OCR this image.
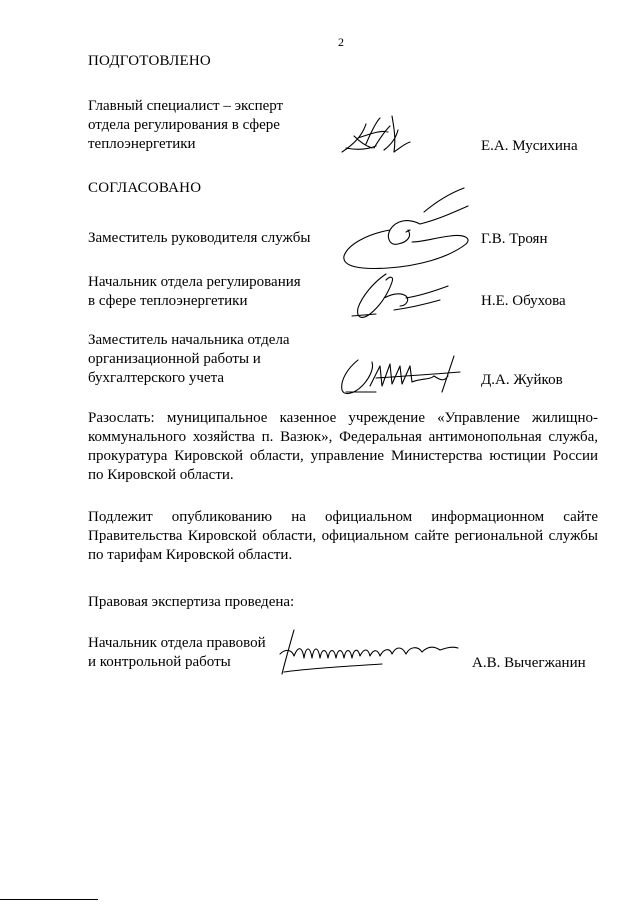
2
ПОДГОТОВЛЕНО
Главный специалист – эксперт
отдела регулирования в сфере
теплоэнергетики	Е.А. Мусихина
СОГЛАСОВАНО
Заместитель руководителя службы	Г.В. Троян
Начальник отдела регулирования
в сфере теплоэнергетики	Н.Е. Обухова
Заместитель начальника отдела
организационной работы и
бухгалтерского учета	Д.А. Жуйков
Разослать: муниципальное казенное учреждение «Управление жилищно-коммунального хозяйства п. Вазюк», Федеральная антимонопольная служба, прокуратура Кировской области, управление Министерства юстиции России по Кировской области.
Подлежит опубликованию на официальном информационном сайте Правительства Кировской области, официальном сайте региональной службы по тарифам Кировской области.
Правовая экспертиза проведена:
Начальник отдела правовой
и контрольной работы	А.В. Вычегжанин
